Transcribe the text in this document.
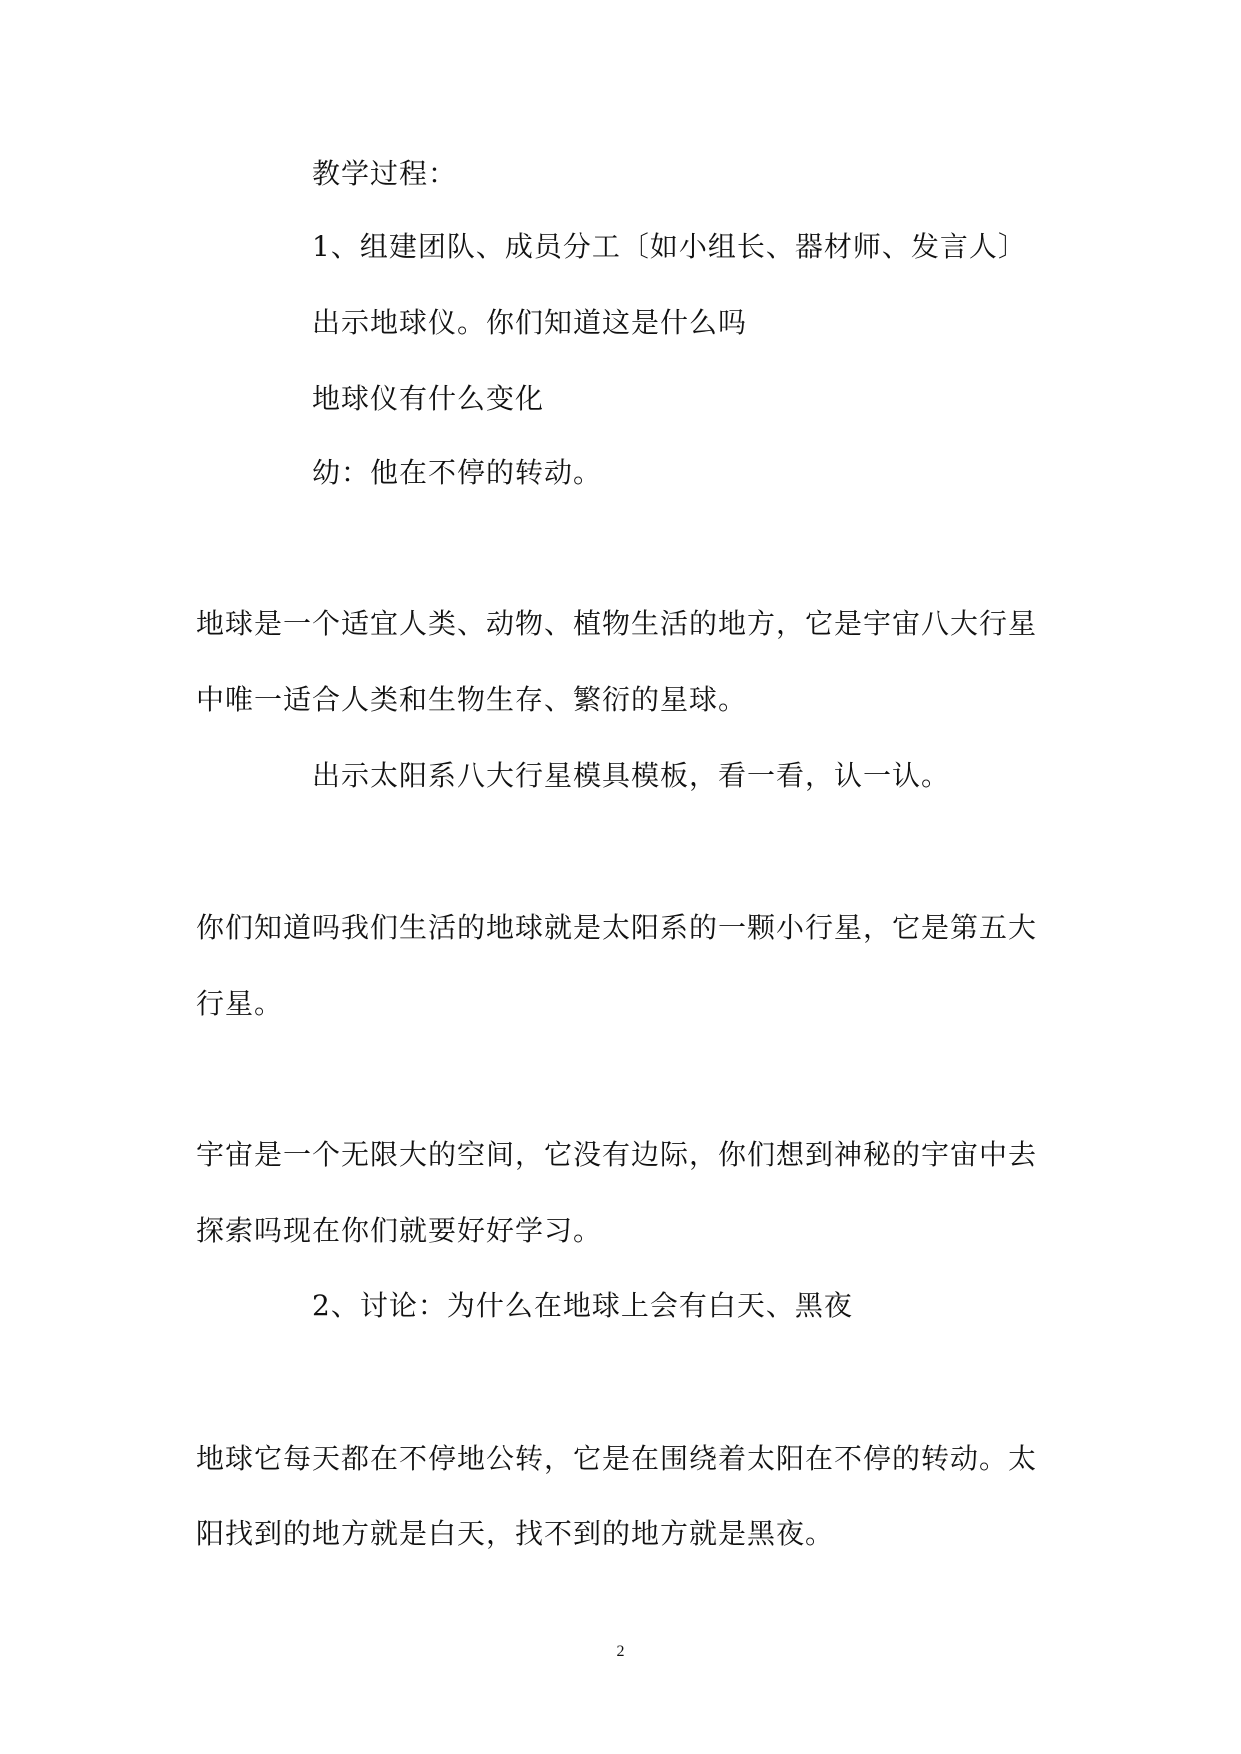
教学过程：
1、组建团队、成员分工〔如小组长、器材师、发言人〕
出示地球仪。你们知道这是什么吗
地球仪有什么变化
幼：他在不停的转动。
地球是一个适宜人类、动物、植物生活的地方，它是宇宙八大行星
中唯一适合人类和生物生存、繁衍的星球。
出示太阳系八大行星模具模板，看一看，认一认。
你们知道吗我们生活的地球就是太阳系的一颗小行星，它是第五大
行星。
宇宙是一个无限大的空间，它没有边际，你们想到神秘的宇宙中去
探索吗现在你们就要好好学习。
2、讨论：为什么在地球上会有白天、黑夜
地球它每天都在不停地公转，它是在围绕着太阳在不停的转动。太
阳找到的地方就是白天，找不到的地方就是黑夜。
2
